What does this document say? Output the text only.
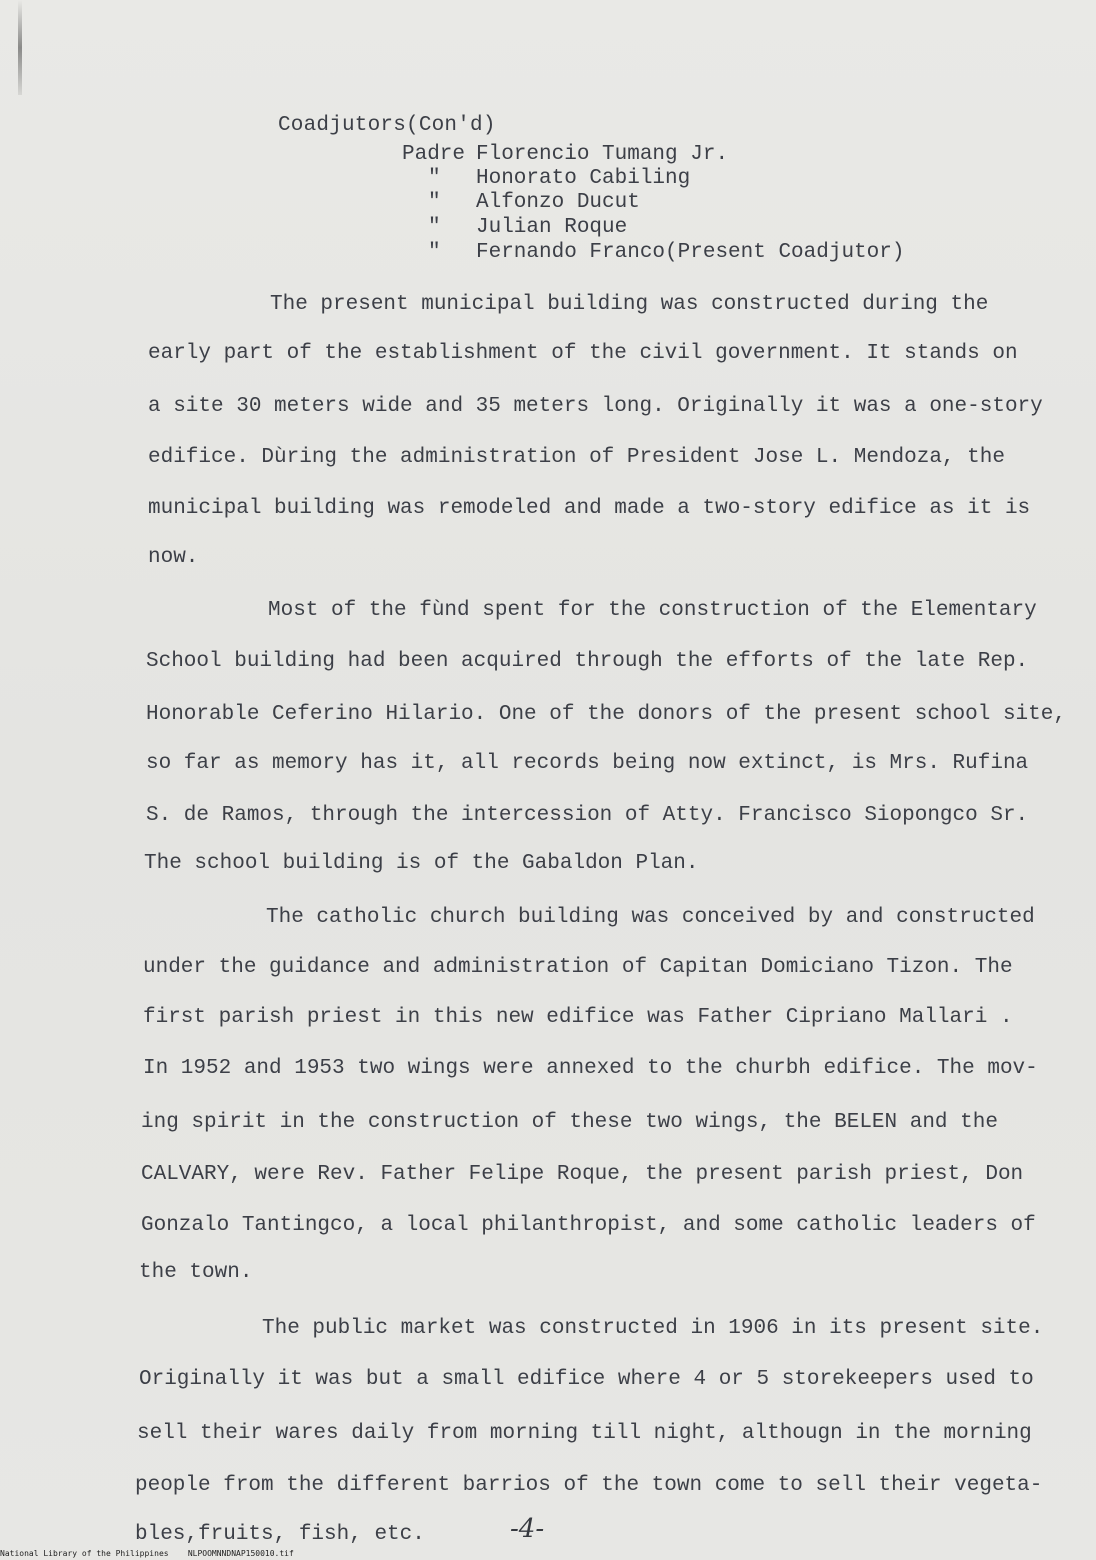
Coadjutors(Con'd)
Padre Florencio Tumang Jr.
" Honorato Cabiling
" Alfonzo Ducut
" Julian Roque
" Fernando Franco(Present Coadjutor)
The present municipal building was constructed during the
early part of the establishment of the civil government. It stands on
a site 30 meters wide and 35 meters long. Originally it was a one-story
edifice. Dùring the administration of President Jose L. Mendoza, the
municipal building was remodeled and made a two-story edifice as it is
now.
Most of the fùnd spent for the construction of the Elementary
School building had been acquired through the efforts of the late Rep.
Honorable Ceferino Hilario. One of the donors of the present school site,
so far as memory has it, all records being now extinct, is Mrs. Rufina
S. de Ramos, through the intercession of Atty. Francisco Siopongco Sr.
The school building is of the Gabaldon Plan.
The catholic church building was conceived by and constructed
under the guidance and administration of Capitan Domiciano Tizon. The
first parish priest in this new edifice was Father Cipriano Mallari .
In 1952 and 1953 two wings were annexed to the churbh edifice. The mov-
ing spirit in the construction of these two wings, the BELEN and the
CALVARY, were Rev. Father Felipe Roque, the present parish priest, Don
Gonzalo Tantingco, a local philanthropist, and some catholic leaders of
the town.
The public market was constructed in 1906 in its present site.
Originally it was but a small edifice where 4 or 5 storekeepers used to
sell their wares daily from morning till night, althougn in the morning
people from the different barrios of the town come to sell their vegeta-
bles,fruits, fish, etc.	-4-
National Library of the Philippines    NLPOOMNNDNAP150010.tif
